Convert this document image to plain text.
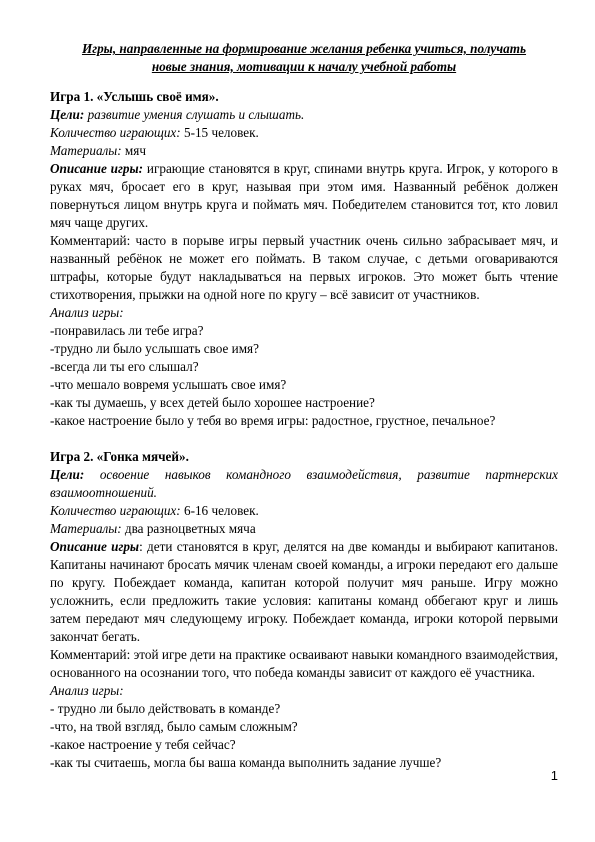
Игры, направленные на формирование желания ребенка учиться, получать
новые знания, мотивации к началу учебной работы
Игра 1. «Услышь своё имя».
Цели: развитие умения слушать и слышать.
Количество играющих: 5-15 человек.
Материалы: мяч
Описание игры: играющие становятся в круг, спинами внутрь круга. Игрок, у которого в руках мяч, бросает его в круг, называя при этом имя. Названный ребёнок должен повернуться лицом внутрь круга и поймать мяч. Победителем становится тот, кто ловил мяч чаще других.
Комментарий: часто в порыве игры первый участник очень сильно забрасывает мяч, и названный ребёнок не может его поймать. В таком случае, с детьми оговариваются штрафы, которые будут накладываться на первых игроков. Это может быть чтение стихотворения, прыжки на одной ноге по кругу – всё зависит от участников.
Анализ игры:
-понравилась ли тебе игра?
-трудно ли было услышать свое имя?
-всегда ли ты его слышал?
-что мешало вовремя услышать свое имя?
-как ты думаешь, у всех детей было хорошее настроение?
-какое настроение было у тебя во время игры: радостное, грустное, печальное?
Игра 2. «Гонка мячей».
Цели: освоение навыков командного взаимодействия, развитие партнерских взаимоотношений.
Количество играющих: 6-16 человек.
Материалы: два разноцветных мяча
Описание игры: дети становятся в круг, делятся на две команды и выбирают капитанов. Капитаны начинают бросать мячик членам своей команды, а игроки передают его дальше по кругу. Побеждает команда, капитан которой получит мяч раньше. Игру можно усложнить, если предложить такие условия: капитаны команд оббегают круг и лишь затем передают мяч следующему игроку. Побеждает команда, игроки которой первыми закончат бегать.
Комментарий: этой игре дети на практике осваивают навыки командного взаимодействия, основанного на осознании того, что победа команды зависит от каждого её участника.
Анализ игры:
- трудно ли было действовать в команде?
-что, на твой взгляд, было самым сложным?
-какое настроение у тебя сейчас?
-как ты считаешь, могла бы ваша команда выполнить задание лучше?
1
